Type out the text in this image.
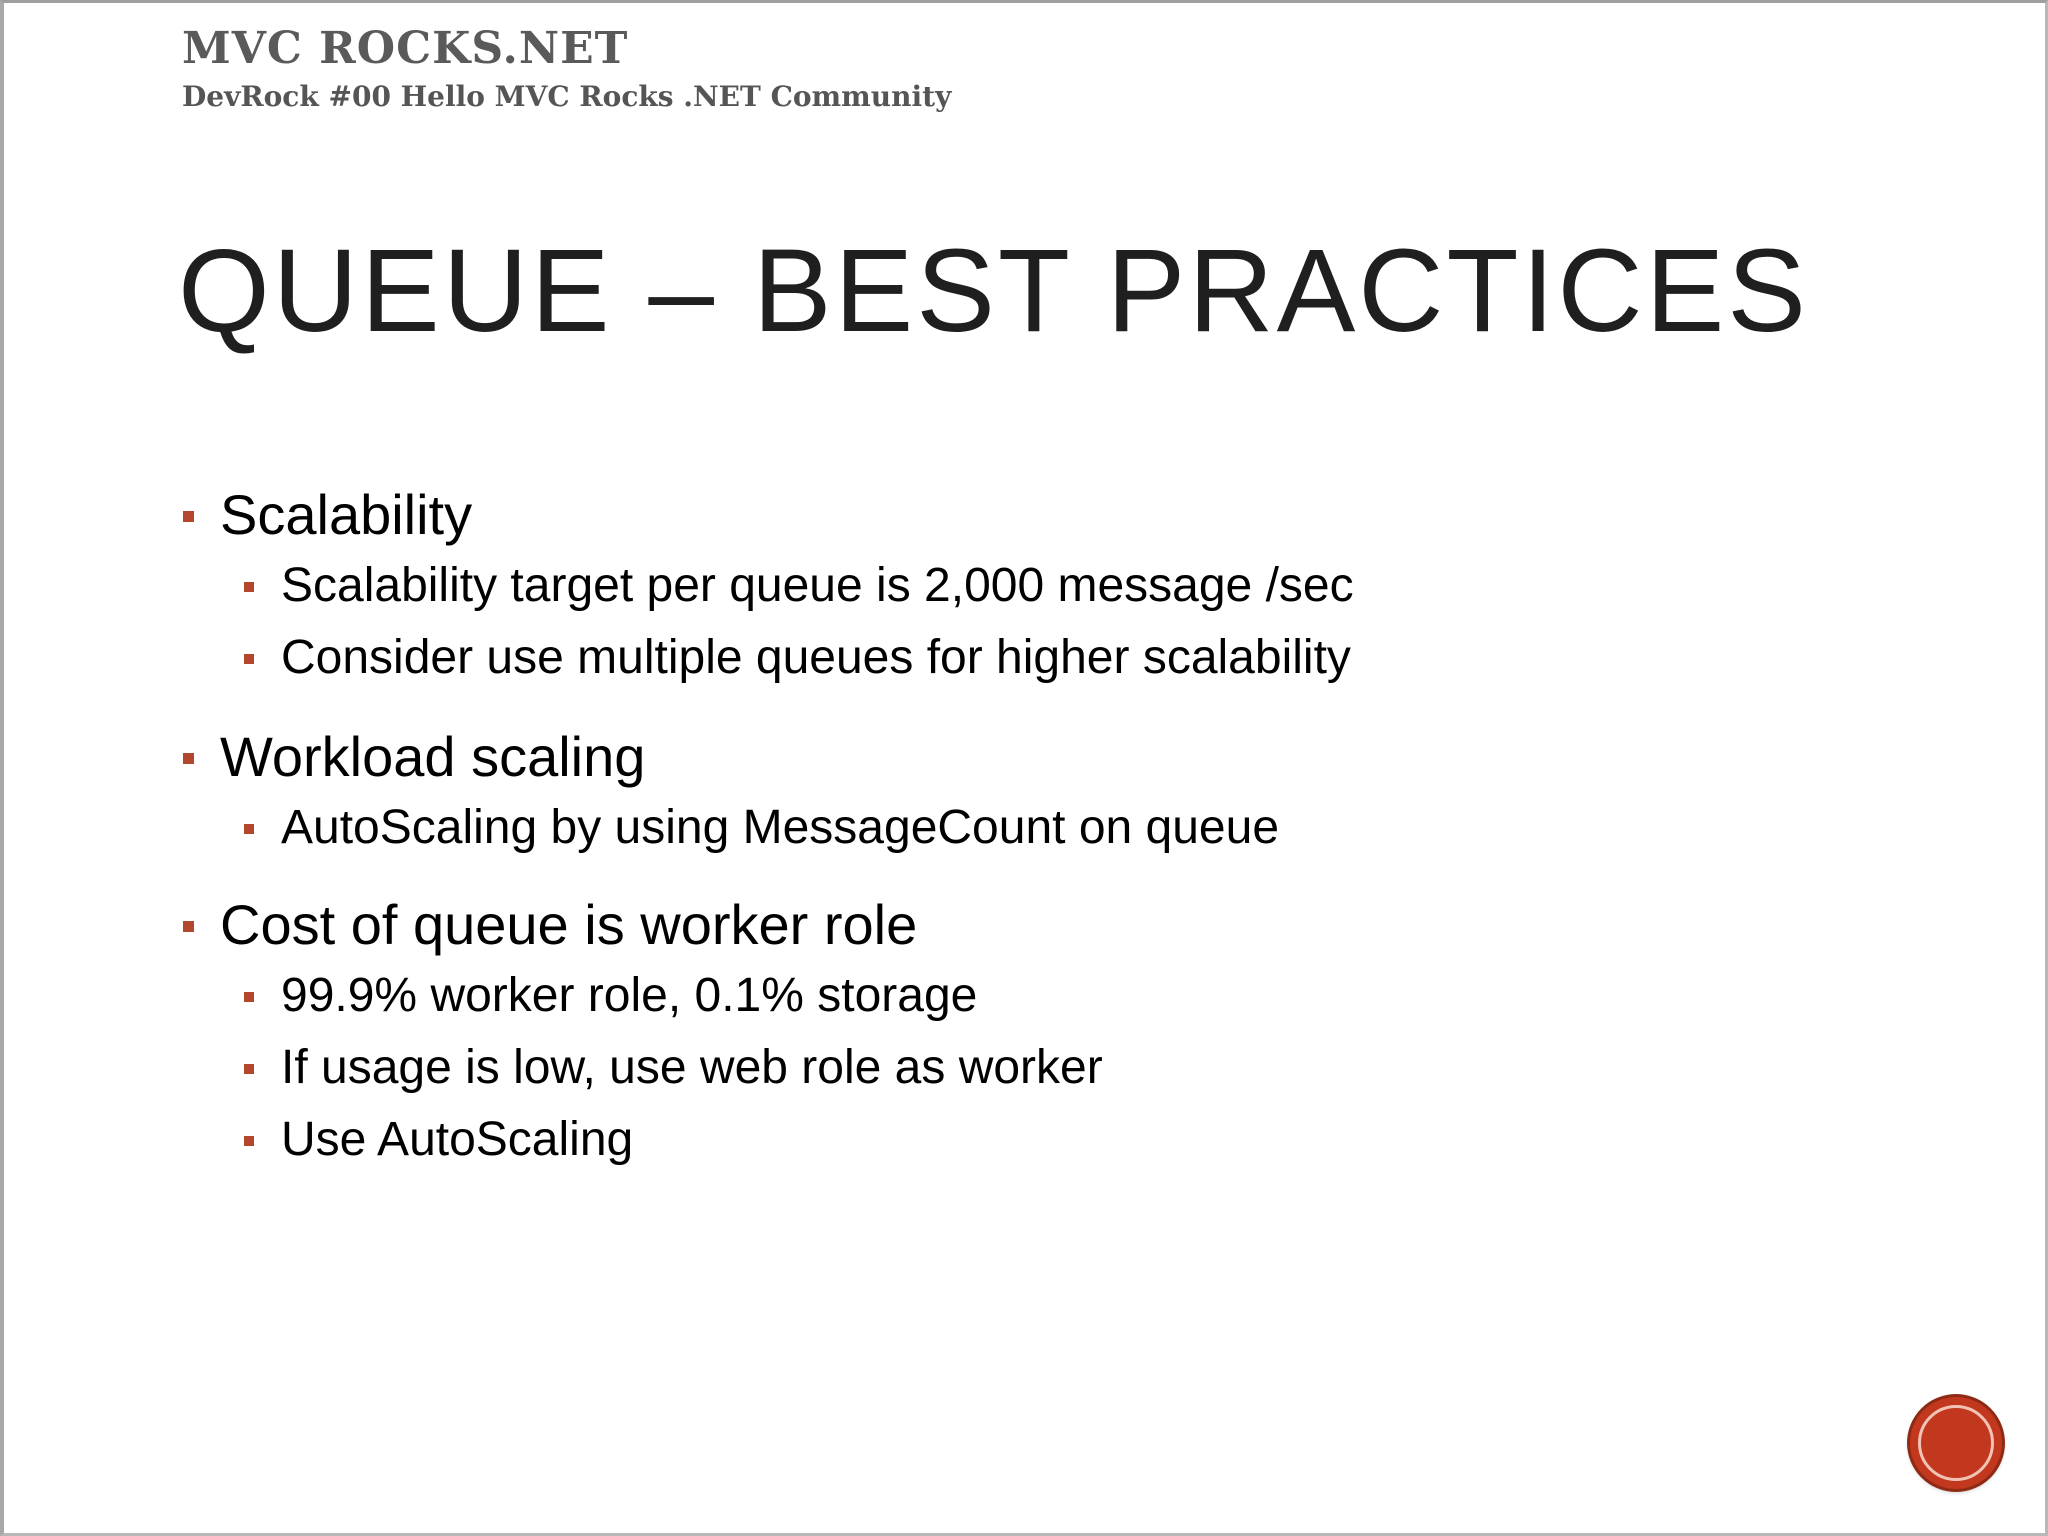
MVC ROCKS.NET
DevRock #00 Hello MVC Rocks .NET Community
QUEUE – BEST PRACTICES
Scalability
Scalability target per queue is 2,000 message /sec
Consider use multiple queues for higher scalability
Workload scaling
AutoScaling by using MessageCount on queue
Cost of queue is worker role
99.9% worker role, 0.1% storage
If usage is low, use web role as worker
Use AutoScaling
